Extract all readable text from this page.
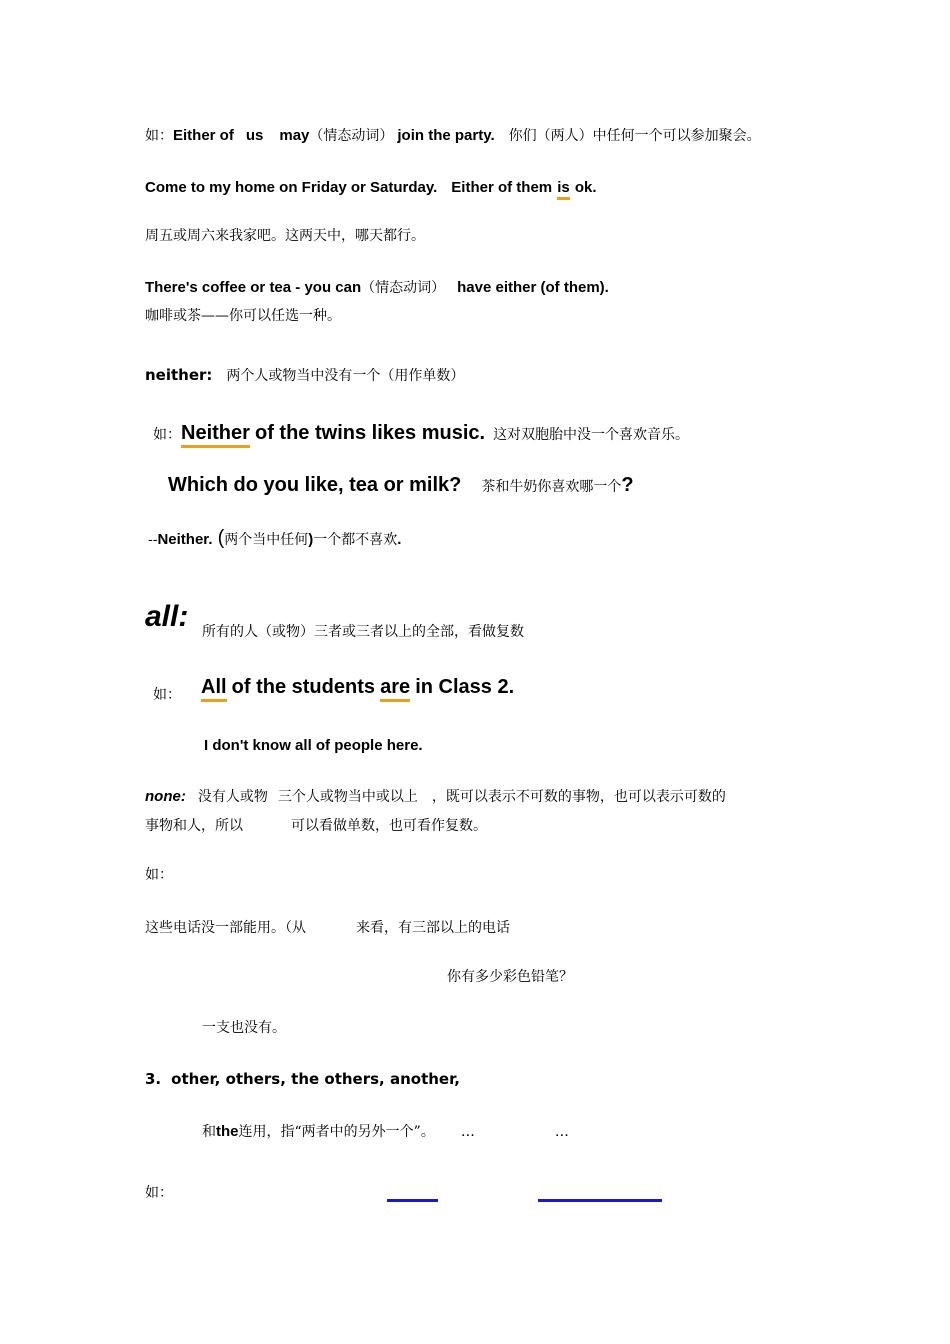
如：Either of us may（情态动词） join the party. 你们（两人）中任何一个可以参加聚会。
Come to my home on Friday or Saturday. Either of them is ok.
周五或周六来我家吧。这两天中，哪天都行。
There's coffee or tea - you can（情态动词） have either (of them).
咖啡或茶——你可以任选一种。
neither: 两个人或物当中没有一个（用作单数）
如：Neither of the twins likes music. 这对双胞胎中没一个喜欢音乐。
Which do you like, tea or milk? 茶和牛奶你喜欢哪一个?
--Neither. (两个当中任何)一个都不喜欢.
all: 所有的人（或物）三者或三者以上的全部，看做复数
如： All of the students are in Class 2.
I don't know all of people here.
none: 没有人或物 三个人或物当中或以上 ，既可以表示不可数的事物，也可以表示可数的
事物和人，所以	可以看做单数，也可看作复数。
如：
这些电话没一部能用。（从	来看，有三部以上的电话
你有多少彩色铅笔？
一支也没有。
3. other, others, the others, another,
和the连用，指“两者中的另外一个”。 …	…
如：
